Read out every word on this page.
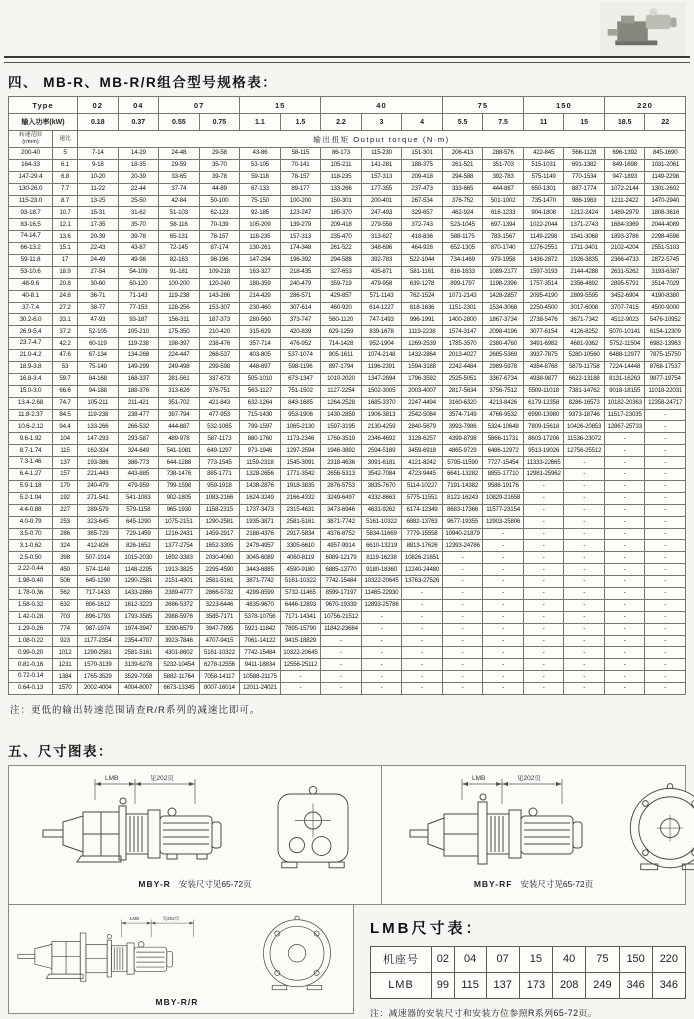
四、 MB-R、MB-R/R组合型号规格表：
Type		02	04	07		15		40			75		150		220	
输入功率(kW)		0.18	0.37	0.55	0.75	1.1	1.5	2.2	3	4	5.5	7.5	11	15	18.5	22
转速范围
(r/min)	速比	输出扭矩 Output torque (N·m)														
200-40	5	7-14	14-29	24-48	29-58	43-86	58-115	86-173	115-230	151-301	206-413	288-576	422-845	566-1128	696-1392	845-1690
164-33	6.1	9-18	18-35	29-59	35-70	53-105	70-141	105-211	141-281	188-375	261-521	351-703	515-1031	691-1382	849-1698	1031-2061
147-29.4	6.8	10-20	20-39	33-65	39-78	59-118	78-157	118-235	157-313	209-418	294-588	392-783	575-1149	770-1534	947-1893	1149-2298
130-26.0	7.7	11-22	22-44	37-74	44-89	67-133	89-177	133-266	177-355	237-473	333-665	444-887	650-1301	887-1774	1072-2144	1301-2602
115-23.0	8.7	13-25	25-50	42-84	50-100	75-150	100-200	150-301	200-401	267-534	376-752	501-1002	735-1470	986-1963	1211-2422	1470-2940
93-18.7	10.7	15-31	31-62	51-103	62-123	92-185	123-247	185-370	247-493	329-657	462-924	616-1233	904-1808	1212-2424	1489-2979	1808-3616
83-16.5	12.1	17-35	35-70	58-116	70-139	105-209	139-279	209-418	279-558	372-743	523-1045	697-1394	1022-2044	1371-2743	1684-3369	2044-4089
74-14.7	13.6	20-39	39-78	65-131	78-157	118-235	157-313	235-470	313-627	418-836	588-1175	783-1567	1149-2298	1541-3068	1893-3786	2298-4596
66-13.2	15.1	22-43	43-87	72-145	87-174	130-261	174-348	261-522	348-696	464-928	652-1305	870-1740	1276-2551	1711-3401	2102-4204	2551-5103
59-11.8	17	24-49	49-98	82-163	98-196	147-294	196-392	294-588	392-783	522-1044	734-1469	979-1958	1436-2872	1926-3835	2366-4733	2872-5745
53-10.6	18.9	27-54	54-109	91-181	109-218	163-327	218-435	327-653	435-871	581-1161	816-1633	1089-2177	1597-3193	2144-4288	2631-5262	3193-6387
48-9.6	20.8	30-60	60-120	100-200	120-240	180-359	240-479	359-719	479-958	639-1278	899-1797	1198-2396	1757-3514	2356-4692	2895-5791	3514-7029
40-8.1	24.8	36-71	71-143	119-238	143-286	214-429	286-571	429-857	571-1143	762-1524	1071-2143	1428-2857	2095-4190	2809-5595	3452-6904	4190-8380
37-7.4	27.2	38-77	77-153	128-256	153-307	230-460	307-614	460-920	614-1227	818-1636	1151-2301	1534-3068	2250-4500	3017-6008	3707-7415	4500-9000
30.2-6.0	33.1	47-93	93-187	156-311	187-373	280-560	373-747	560-1120	747-1493	996-1991	1400-2800	1867-3734	2738-5476	3671-7342	4512-9023	5476-10952
26.9-5.4	37.2	52-105	105-210	175-350	210-420	315-629	420-839	629-1259	839-1678	1119-2238	1574-3147	2098-4196	3077-6154	4126-8252	5070-10141	6154-12309
23.7-4.7	42.2	60-119	119-238	198-397	238-476	357-714	476-952	714-1428	952-1904	1269-2539	1785-3570	2380-4760	3491-6982	4681-9362	5752-11504	6982-13963
21.0-4.2	47.6	67-134	134-268	224-447	268-537	403-805	537-1074	805-1611	1074-2148	1432-2864	2013-4027	2685-5369	3937-7875	5280-10560	6488-12977	7875-15750
18.9-3.8	53	75-149	149-299	249-498	299-598	448-897	598-1196	897-1794	1196-2391	1594-3188	2242-4484	2989-5978	4384-8768	5879-11758	7224-14448	8768-17537
16.8-3.4	59.7	84-168	168-337	281-561	337-673	505-1010	673-1347	1010-2020	1347-2694	1796-3592	2525-5051	3367-6734	4938-9877	6622-13188	8131-16263	9877-19754
15.0-3.0	66.6	94-188	188-376	313-626	376-751	563-1127	751-1502	1127-2254	1502-3005	2003-4007	2817-5634	3756-7512	5509-11018	7381-14762	9018-18155	11018-22031
13.4-2.68	74.7	105-211	211-421	351-702	421-843	632-1264	843-1685	1264-2528	1685-3370	2247-4494	3160-6320	4213-8426	6179-12358	8286-16573	10182-20363	12358-24717
11.8-2.37	84.5	119-238	238-477	397-794	477-953	715-1430	953-1906	1430-2859	1906-3813	2542-5084	3574-7149	4766-9532	6990-13980	9373-18746	11517-23035	-
10.6-2.12	94.4	133-266	266-532	444-887	532-1065	799-1597	1065-2130	1597-3195	2130-4259	2840-5679	3993-7986	5324-10648	7809-15618	10426-20853	12867-25733	-
9.6-1.92	104	147-293	293-587	489-978	587-1173	880-1760	1173-2346	1760-3519	2346-4692	3128-6257	4399-8798	5866-11731	8603-17206	11536-23072	-	-
8.7-1.74	115	162-324	324-649	541-1081	649-1297	973-1946	1297-2594	1946-3892	2594-5189	3459-6918	4865-9729	6486-12972	9513-19026	12756-25512	-	-
7.3-1.46	137	193-386	386-773	644-1288	773-1545	1159-2318	1545-3091	2318-4636	3091-6181	4121-8242	5795-11590	7727-15454	11333-22665	-	-	-
6.4-1.27	157	221-443	443-885	738-1476	885-1771	1328-2656	1771-3542	2656-5313	3542-7084	4723-9445	6641-13282	8855-17710	12981-25962	-	-	-
5.9-1.18	170	240-479	479-959	799-1598	959-1918	1438-2876	1918-3835	2876-5753	3835-7670	5114-10227	7191-14382	9588-19176	-	-	-	-
5.2-1.04	192	271-541	541-1083	902-1805	1083-2166	1624-3249	2166-4332	3249-6497	4332-8663	5775-11551	8122-16243	10829-21658	-	-	-	-
4.4-0.88	227	289-579	579-1158	965-1930	1158-2315	1737-3473	2315-4631	3473-6946	4631-9262	6174-12349	8683-17366	11577-23154	-	-	-	-
4.0-0.79	253	323-645	645-1290	1075-2151	1290-2581	1935-3871	2581-5161	3871-7742	5161-10322	6882-13763	9677-19355	12903-25806	-	-	-	-
3.5-0.70	286	365-729	729-1459	1216-2431	1459-2917	2188-4376	2917-5834	4376-8752	5834-11669	7779-15558	10940-21879	-	-	-	-	-
3.1-0.62	324	412-826	826-1652	1377-2754	1652-3305	2479-4957	3305-6610	4957-9914	6610-13219	8813-17626	12393-24786	-	-	-	-	-
2.5-0.50	398	507-1014	1015-2030	1692-3383	2030-4060	3045-6089	4060-8119	6089-12179	8119-16238	10826-21651	-	-	-	-	-	-
2.22-0.44	450	574-1148	1148-2295	1913-3825	2295-4590	3443-6885	4590-9180	6885-13770	9180-18360	12240-24480	-	-	-	-	-	-
1.98-0.40	506	645-1290	1290-2581	2151-4301	2581-5161	3871-7742	5161-10322	7742-15484	10322-20645	13763-27526	-	-	-	-	-	-
1.78-0.36	562	717-1433	1433-2866	2389-4777	2866-5732	4299-8599	5732-11465	8599-17197	11465-22930	-	-	-	-	-	-	-
1.58-0.32	632	806-1612	1612-3223	2686-5372	3223-6446	4835-9670	6446-12893	9670-19339	12893-25786	-	-	-	-	-	-	-
1.42-0.28	703	896-1793	1793-3585	2988-5976	3585-7171	5378-10756	7171-14341	10756-21512	-	-	-	-	-	-	-	-
1.29-0.26	774	987-1974	1974-3947	3290-6579	3947-7895	5921-11842	7895-15790	11842-23684	-	-	-	-	-	-	-	-
1.08-0.22	923	1177-2354	2354-4707	3923-7846	4707-9415	7061-14122	9415-18829	-	-	-	-	-	-	-	-	-
0.99-0.20	1012	1290-2581	2581-5161	4301-8602	5161-10322	7742-15484	10322-20645	-	-	-	-	-	-	-	-	-
0.81-0.16	1231	1570-3139	3139-6278	5232-10454	6278-12556	9411-18834	12556-25112	-	-	-	-	-	-	-	-	-
0.72-0.14	1384	1765-3529	3529-7058	5882-11764	7058-14117	10588-21175	-	-	-	-	-	-	-	-	-	-
0.64-0.13	1570	2002-4004	4004-8007	6673-13345	8007-16014	12011-24021	-	-	-	-	-	-	-	-	-	-
注：更低的输出转速范围请查R/R系列的减速比即可。
五、尺寸图表：
LMB	见202页
MBY-R 安装尺寸见65-72页
LMB	见202页
MBY-RF 安装尺寸见65-72页
LMB	见202页
MBY-R/R
LMB尺寸表：
机座号	02	04	07	15	40	75	150	220
LMB	99	115	137	173	208	249	346	346
注：减速器的安装尺寸和安装方位参照R系列65-72页。
